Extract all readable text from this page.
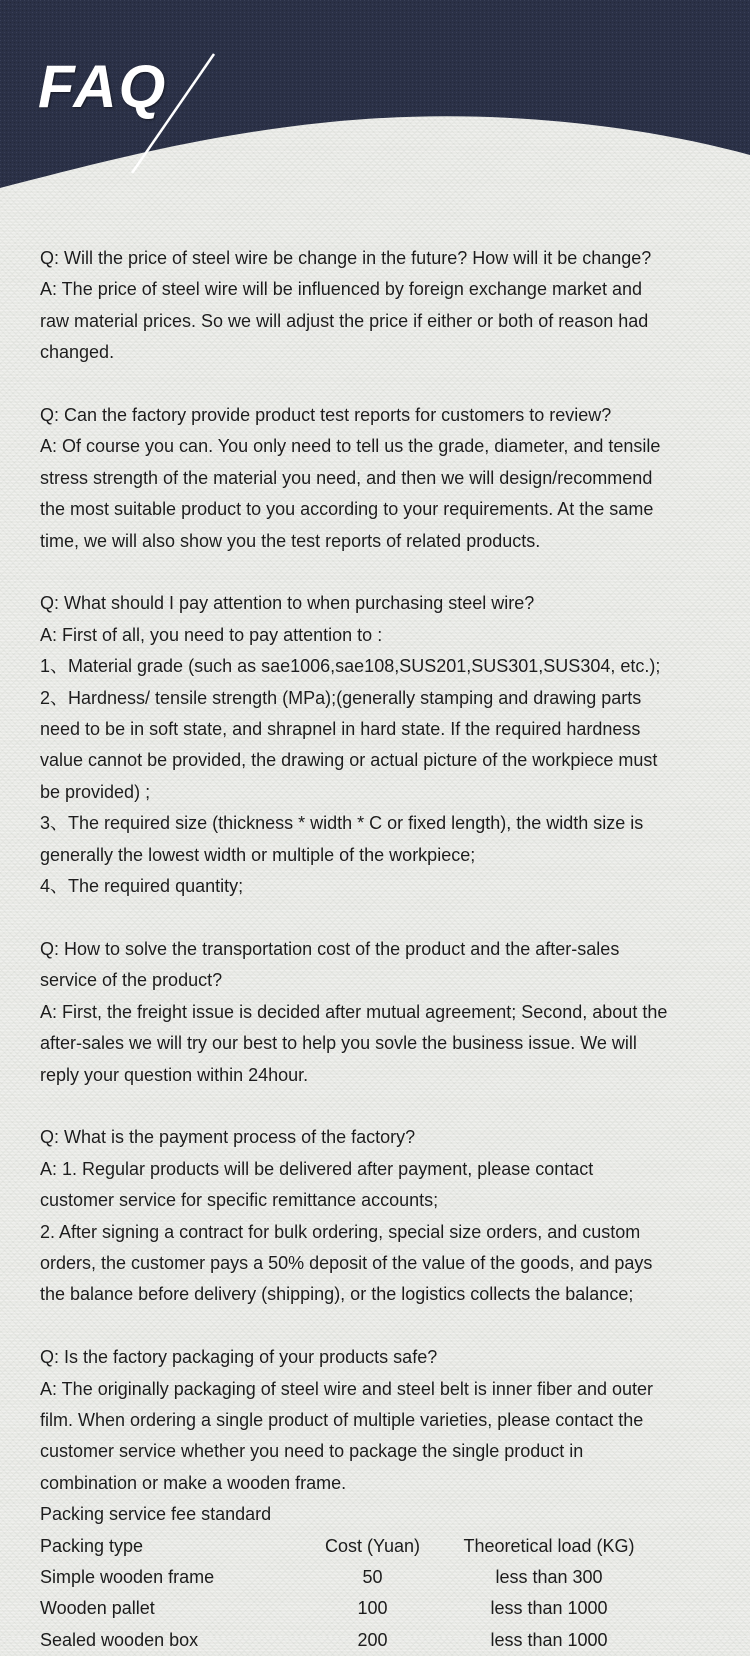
FAQ
Q: Will the price of steel wire be change in the future? How will it be change?
A: The price of steel wire will be influenced by foreign exchange market and
raw material prices. So we will adjust the price if either or both of reason had
changed.
Q: Can the factory provide product test reports for customers to review?
A: Of course you can. You only need to tell us the grade, diameter, and tensile
stress strength of the material you need, and then we will design/recommend
the most suitable product to you according to your requirements. At the same
time, we will also show you the test reports of related products.
Q: What should I pay attention to when purchasing steel wire?
A: First of all, you need to pay attention to :
1、Material grade (such as sae1006,sae108,SUS201,SUS301,SUS304, etc.);
2、Hardness/ tensile strength (MPa);(generally stamping and drawing parts
need to be in soft state, and shrapnel in hard state. If the required hardness
value cannot be provided, the drawing or actual picture of the workpiece must
be provided) ;
3、The required size (thickness * width * C or fixed length), the width size is
generally the lowest width or multiple of the workpiece;
4、The required quantity;
Q: How to solve the transportation cost of the product and the after-sales
service of the product?
A: First, the freight issue is decided after mutual agreement; Second, about the
after-sales we will try our best to help you sovle the business issue. We will
reply your question within 24hour.
Q: What is the payment process of the factory?
A: 1. Regular products will be delivered after payment, please contact
customer service for specific remittance accounts;
2. After signing a contract for bulk ordering, special size orders, and custom
orders, the customer pays a 50% deposit of the value of the goods, and pays
the balance before delivery (shipping), or the logistics collects the balance;
Q: Is the factory packaging of your products safe?
A: The originally packaging of steel wire and steel belt is inner fiber and outer
film. When ordering a single product of multiple varieties, please contact the
customer service whether you need to package the single product in
combination or make a wooden frame.
Packing service fee standard
Packing type	Cost (Yuan)	Theoretical load (KG)
Simple wooden frame	50	less than 300
Wooden pallet	100	less than 1000
Sealed wooden box	200	less than 1000
